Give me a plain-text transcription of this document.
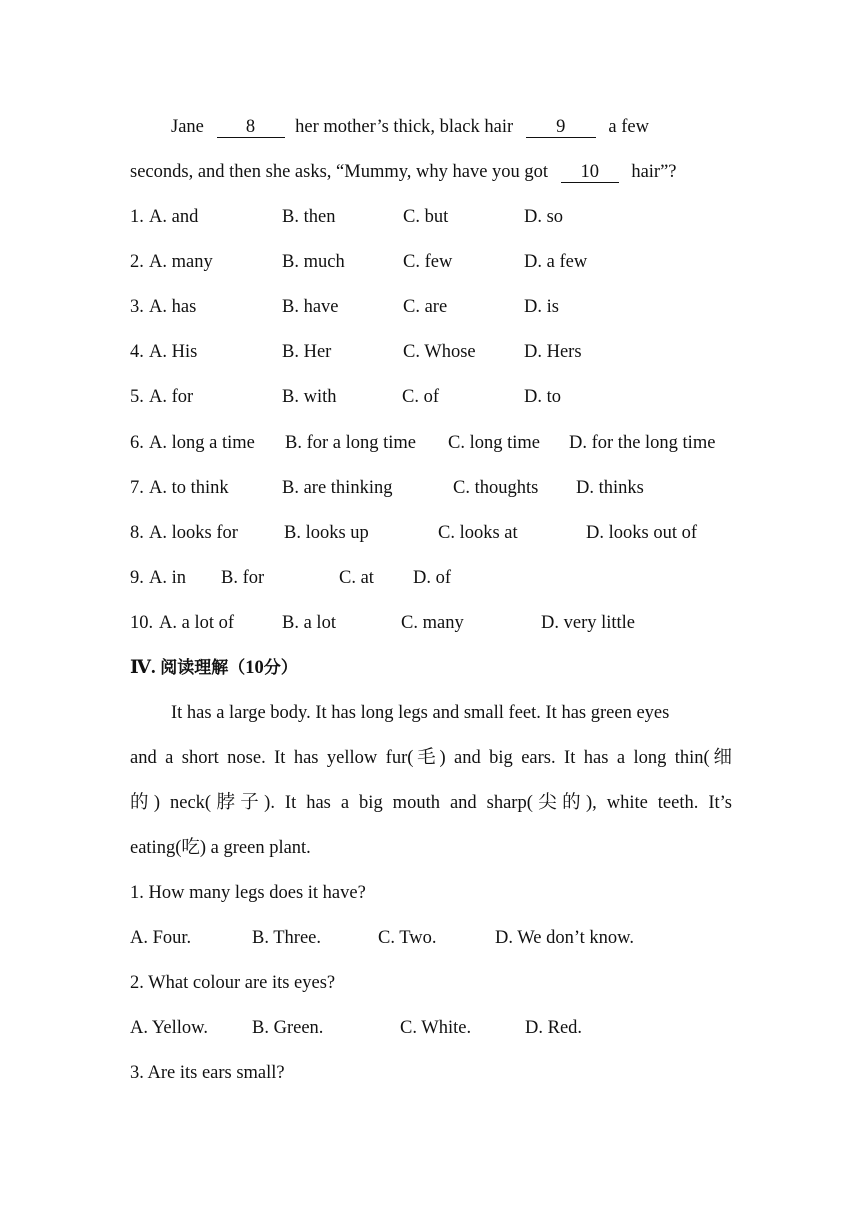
Jane 8 her mother’s thick, black hair 9 a few
seconds, and then she asks, “Mummy, why have you got 10 hair”?
1. A. and	B. then	C. but	D. so
2. A. many	B. much	C. few	D. a few
3. A. has	B. have	C. are	D. is
4. A. His	B. Her	C. Whose	D. Hers
5. A. for	B. with	C. of	D. to
6. A. long a time B. for a long time C. long time D. for the long time
7. A. to think	B. are thinking	C. thoughts D. thinks
8. A. looks for B. looks up	C. looks at	D. looks out of
9. A. in B. for	C. at D. of
10. A. a lot of	B. a lot	C. many	D. very little
Ⅳ. 阅读理解（10分）
It has a large body. It has long legs and small feet. It has green eyes
and a short nose. It has yellow fur(毛) and big ears. It has a long thin(细
的) neck(脖子). It has a big mouth and sharp(尖的), white teeth. It’s
eating(吃) a green plant.
1. How many legs does it have?
A. Four.	B. Three.	C. Two.	D. We don’t know.
2. What colour are its eyes?
A. Yellow. B. Green.	C. White.	D. Red.
3. Are its ears small?
